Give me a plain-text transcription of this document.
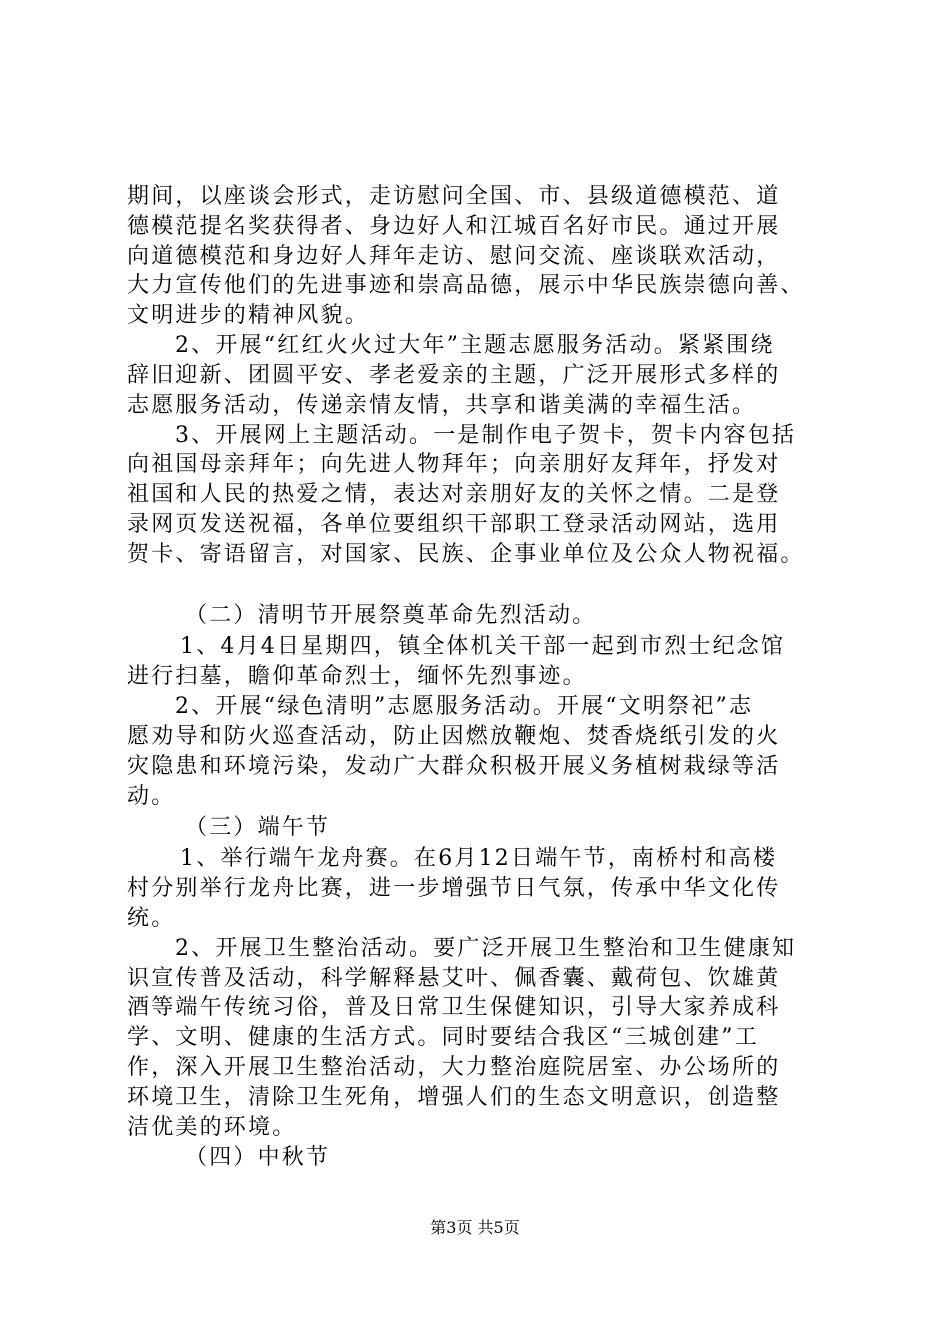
期间，以座谈会形式，走访慰问全国、市、县级道德模范、道
德模范提名奖获得者、身边好人和江城百名好市民。通过开展
向道德模范和身边好人拜年走访、慰问交流、座谈联欢活动，
大力宣传他们的先进事迹和崇高品德，展示中华民族崇德向善、
文明进步的精神风貌。
2、开展“红红火火过大年”主题志愿服务活动。紧紧围绕
辞旧迎新、团圆平安、孝老爱亲的主题，广泛开展形式多样的
志愿服务活动，传递亲情友情，共享和谐美满的幸福生活。
3、开展网上主题活动。一是制作电子贺卡，贺卡内容包括
向祖国母亲拜年；向先进人物拜年；向亲朋好友拜年，抒发对
祖国和人民的热爱之情，表达对亲朋好友的关怀之情。二是登
录网页发送祝福，各单位要组织干部职工登录活动网站，选用
贺卡、寄语留言，对国家、民族、企事业单位及公众人物祝福。
（二）清明节开展祭奠革命先烈活动。
1、4月4日星期四，镇全体机关干部一起到市烈士纪念馆
进行扫墓，瞻仰革命烈士，缅怀先烈事迹。
2、开展“绿色清明”志愿服务活动。开展“文明祭祀”志
愿劝导和防火巡查活动，防止因燃放鞭炮、焚香烧纸引发的火
灾隐患和环境污染，发动广大群众积极开展义务植树栽绿等活
动。
（三）端午节
1、举行端午龙舟赛。在6月12日端午节，南桥村和高楼
村分别举行龙舟比赛，进一步增强节日气氛，传承中华文化传
统。
2、开展卫生整治活动。要广泛开展卫生整治和卫生健康知
识宣传普及活动，科学解释悬艾叶、佩香囊、戴荷包、饮雄黄
酒等端午传统习俗，普及日常卫生保健知识，引导大家养成科
学、文明、健康的生活方式。同时要结合我区“三城创建”工
作，深入开展卫生整治活动，大力整治庭院居室、办公场所的
环境卫生，清除卫生死角，增强人们的生态文明意识，创造整
洁优美的环境。
（四）中秋节
第3页 共5页
